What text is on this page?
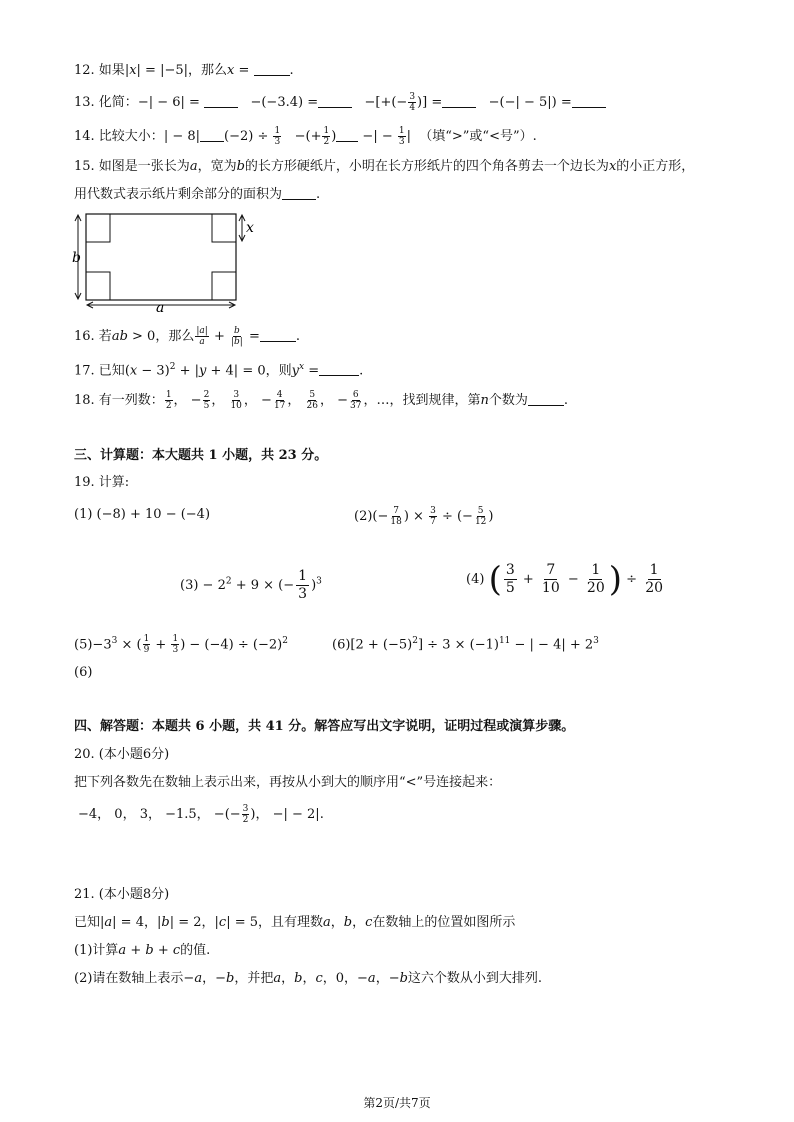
12. 如果|x| = |−5|，那么x =	.
13. 化简：−| − 6| =	−(−3.4) =	−[+(− $\frac{3}{4}$ )] =	−(−| − 5|) =
14. 比较大小：| − 8| $(-2) \div \frac{1}{3}$ −(+ $\frac{1}{2}$ ) −| − $\frac{1}{3}$ |  （填“>”或“<号”）.
15. 如图是一张长为a，宽为b的长方形硬纸片，小明在长方形纸片的四个角各剪去一个边长为x的小正方形，
用代数式表示纸片剩余部分的面积为	.
b
x
a
16. 若ab > 0，那么 $\frac{|a|}{a} + \frac{b}{|b|}$ =	.
17. 已知$(x - 3)^2 + |y + 4| = 0$，则$y^x$ =	.
18. 有一列数： $\frac{1}{2}$ ， − $\frac{2}{5}$ ， $\frac{3}{10}$ ， − $\frac{4}{17}$ ， $\frac{5}{26}$ ， − $\frac{6}{37}$ ，…，找到规律，第n个数为	.
三、计算题：本大题共 1 小题，共 23 分。
19. 计算:
(1) (−8) + 10 − (−4)	$(2)(- \frac{7}{18}$ ) × $\frac{3}{7}$ ÷ (− $\frac{5}{12}$ )
$(3) - 2^2 + 9$ × (− $\frac{1}{3} )^3$	(4) ( $\frac{3}{5} + \frac{7}{10} - \frac{1}{20}$ ) ÷ $\frac{1}{20}$
$(5)-3^3$ × ( $\frac{1}{9} + \frac{1}{3}$ ) − $(-4) \div (-2)^2$	$(6)[2 + (-5)^2] \div 3 \times (-1)^{11}$ − | − $4| + 2^3$
(6)
四、解答题：本题共 6 小题，共 41 分。解答应写出文字说明，证明过程或演算步骤。
20. (本小题6分)
把下列各数先在数轴上表示出来，再按从小到大的顺序用“<”号连接起来：
−4， 0， 3， −1.5， −(− $\frac{3}{2}$ )， −| − 2|.
21. (本小题8分)
已知|a| = 4，|b| = 2，|c| = 5，且有理数a，b，c在数轴上的位置如图所示
(1)计算a + b + c的值.
(2)请在数轴上表示−a，−b，并把a，b，c，0，−a，−b这六个数从小到大排列.
第2页/共7页
